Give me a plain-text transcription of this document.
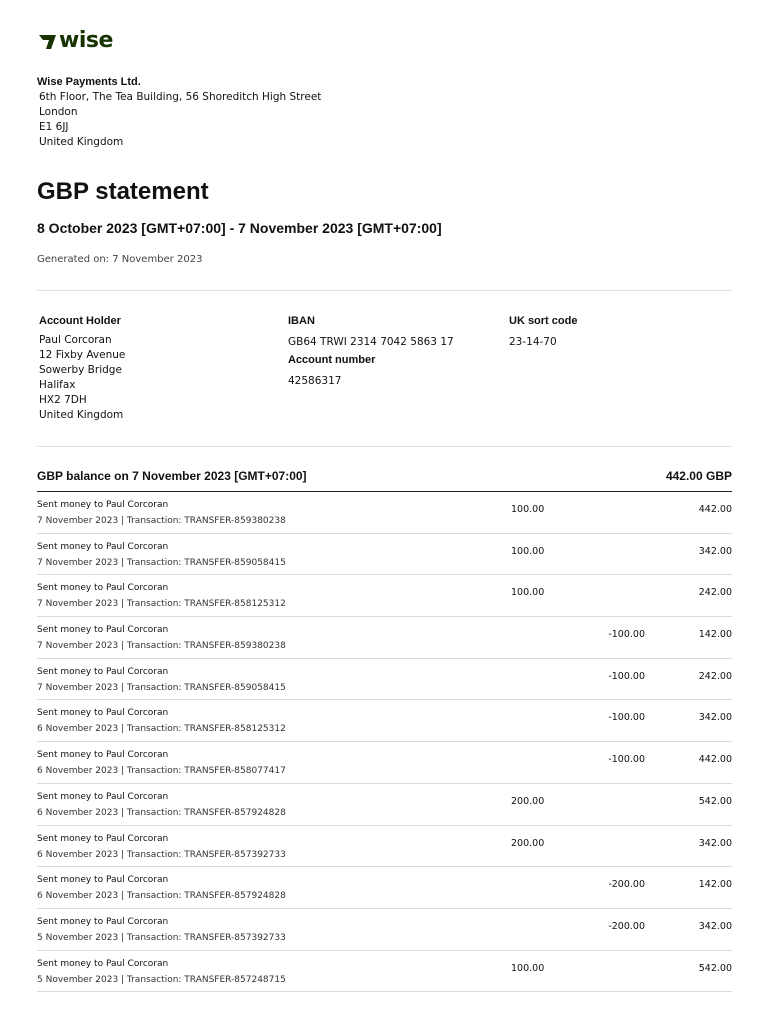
wise
Wise Payments Ltd.
6th Floor, The Tea Building, 56 Shoreditch High Street
London
E1 6JJ
United Kingdom
GBP statement
8 October 2023 [GMT+07:00] - 7 November 2023 [GMT+07:00]
Generated on: 7 November 2023
Account Holder
Paul Corcoran
12 Fixby Avenue
Sowerby Bridge
Halifax
HX2 7DH
United Kingdom
IBAN
GB64 TRWI 2314 7042 5863 17
Account number
42586317
UK sort code
23-14-70
GBP balance on 7 November 2023 [GMT+07:00]	442.00 GBP
Sent money to Paul Corcoran
7 November 2023 | Transaction: TRANSFER-859380238
100.00	442.00
Sent money to Paul Corcoran
7 November 2023 | Transaction: TRANSFER-859058415
100.00	342.00
Sent money to Paul Corcoran
7 November 2023 | Transaction: TRANSFER-858125312
100.00	242.00
Sent money to Paul Corcoran
7 November 2023 | Transaction: TRANSFER-859380238
-100.00	142.00
Sent money to Paul Corcoran
7 November 2023 | Transaction: TRANSFER-859058415
-100.00	242.00
Sent money to Paul Corcoran
6 November 2023 | Transaction: TRANSFER-858125312
-100.00	342.00
Sent money to Paul Corcoran
6 November 2023 | Transaction: TRANSFER-858077417
-100.00	442.00
Sent money to Paul Corcoran
6 November 2023 | Transaction: TRANSFER-857924828
200.00	542.00
Sent money to Paul Corcoran
6 November 2023 | Transaction: TRANSFER-857392733
200.00	342.00
Sent money to Paul Corcoran
6 November 2023 | Transaction: TRANSFER-857924828
-200.00	142.00
Sent money to Paul Corcoran
5 November 2023 | Transaction: TRANSFER-857392733
-200.00	342.00
Sent money to Paul Corcoran
5 November 2023 | Transaction: TRANSFER-857248715
100.00	542.00
